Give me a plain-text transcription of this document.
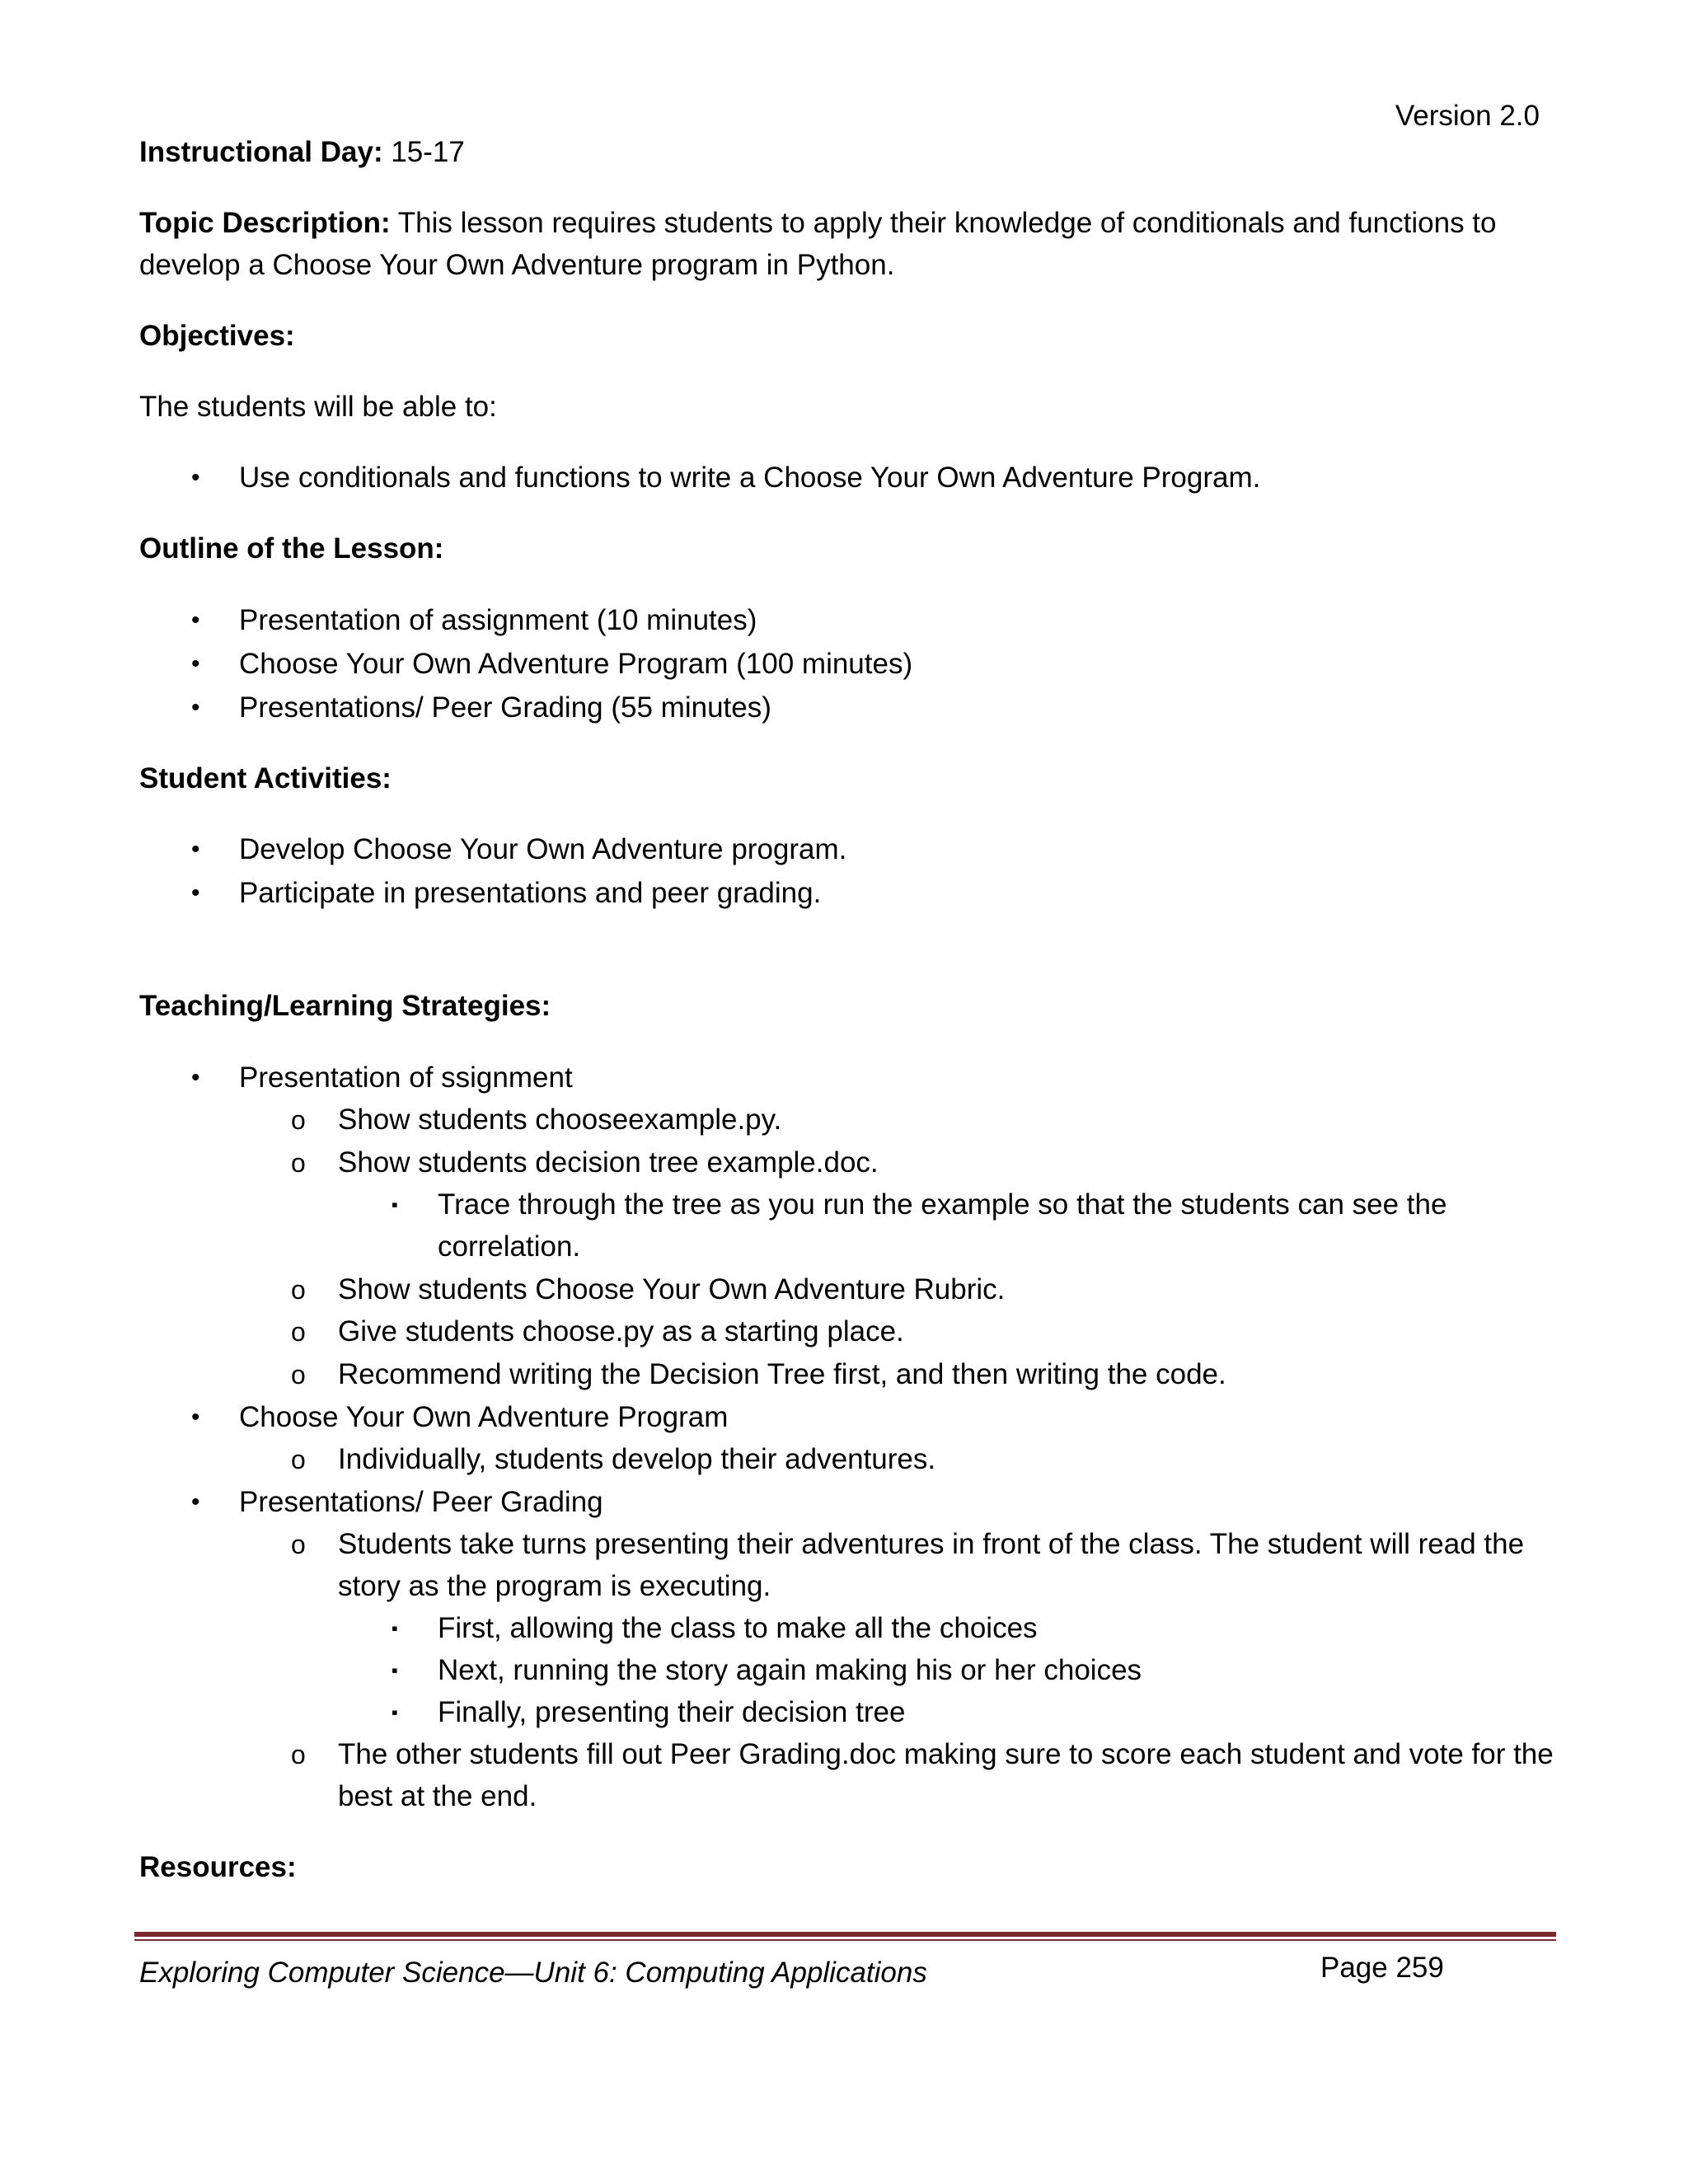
Version 2.0
Instructional Day: 15-17
Topic Description: This lesson requires students to apply their knowledge of conditionals and functions to
develop a Choose Your Own Adventure program in Python.
Objectives:
The students will be able to:
• Use conditionals and functions to write a Choose Your Own Adventure Program.
Outline of the Lesson:
• Presentation of assignment (10 minutes)
• Choose Your Own Adventure Program (100 minutes)
• Presentations/ Peer Grading (55 minutes)
Student Activities:
• Develop Choose Your Own Adventure program.
• Participate in presentations and peer grading.
Teaching/Learning Strategies:
• Presentation of ssignment
o Show students chooseexample.py.
o Show students decision tree example.doc.
▪ Trace through the tree as you run the example so that the students can see the
correlation.
o Show students Choose Your Own Adventure Rubric.
o Give students choose.py as a starting place.
o Recommend writing the Decision Tree first, and then writing the code.
• Choose Your Own Adventure Program
o Individually, students develop their adventures.
• Presentations/ Peer Grading
o Students take turns presenting their adventures in front of the class. The student will read the
story as the program is executing.
▪ First, allowing the class to make all the choices
▪ Next, running the story again making his or her choices
▪ Finally, presenting their decision tree
o The other students fill out Peer Grading.doc making sure to score each student and vote for the
best at the end.
Resources:
Exploring Computer Science—Unit 6: Computing Applications	Page 259
